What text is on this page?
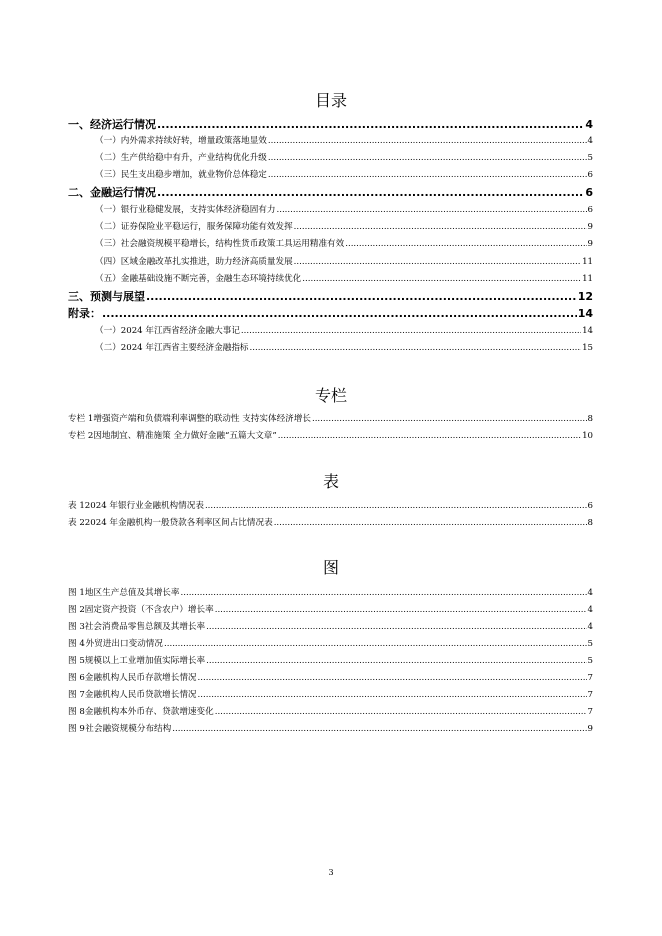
目录
一、经济运行情况 .....	4
（一）内外需求持续好转，增量政策落地显效 .....	4
（二）生产供给稳中有升，产业结构优化升级 .....	5
（三）民生支出稳步增加，就业物价总体稳定 .....	6
二、金融运行情况 .....	6
（一）银行业稳健发展，支持实体经济稳固有力 .....	6
（二）证券保险业平稳运行，服务保障功能有效发挥 .....	9
（三）社会融资规模平稳增长，结构性货币政策工具运用精准有效 .....	9
（四）区域金融改革扎实推进，助力经济高质量发展 .....	11
（五）金融基础设施不断完善，金融生态环境持续优化 .....	11
三、预测与展望 .....	12
附录： .....	14
（一）2024 年江西省经济金融大事记 .....	14
（二）2024 年江西省主要经济金融指标 .....	15
专栏
专栏 1 增强资产端和负债端利率调整的联动性 支持实体经济增长 .....	8
专栏 2 因地制宜、精准施策 全力做好金融“五篇大文章” .....	10
表
表 1 2024 年银行业金融机构情况表 .....	6
表 2 2024 年金融机构一般贷款各利率区间占比情况表 .....	8
图
图 1 地区生产总值及其增长率 .....	4
图 2 固定资产投资（不含农户）增长率 .....	4
图 3 社会消费品零售总额及其增长率 .....	4
图 4 外贸进出口变动情况 .....	5
图 5 规模以上工业增加值实际增长率 .....	5
图 6 金融机构人民币存款增长情况 .....	7
图 7 金融机构人民币贷款增长情况 .....	7
图 8 金融机构本外币存、贷款增速变化 .....	7
图 9 社会融资规模分布结构 .....	9
3
